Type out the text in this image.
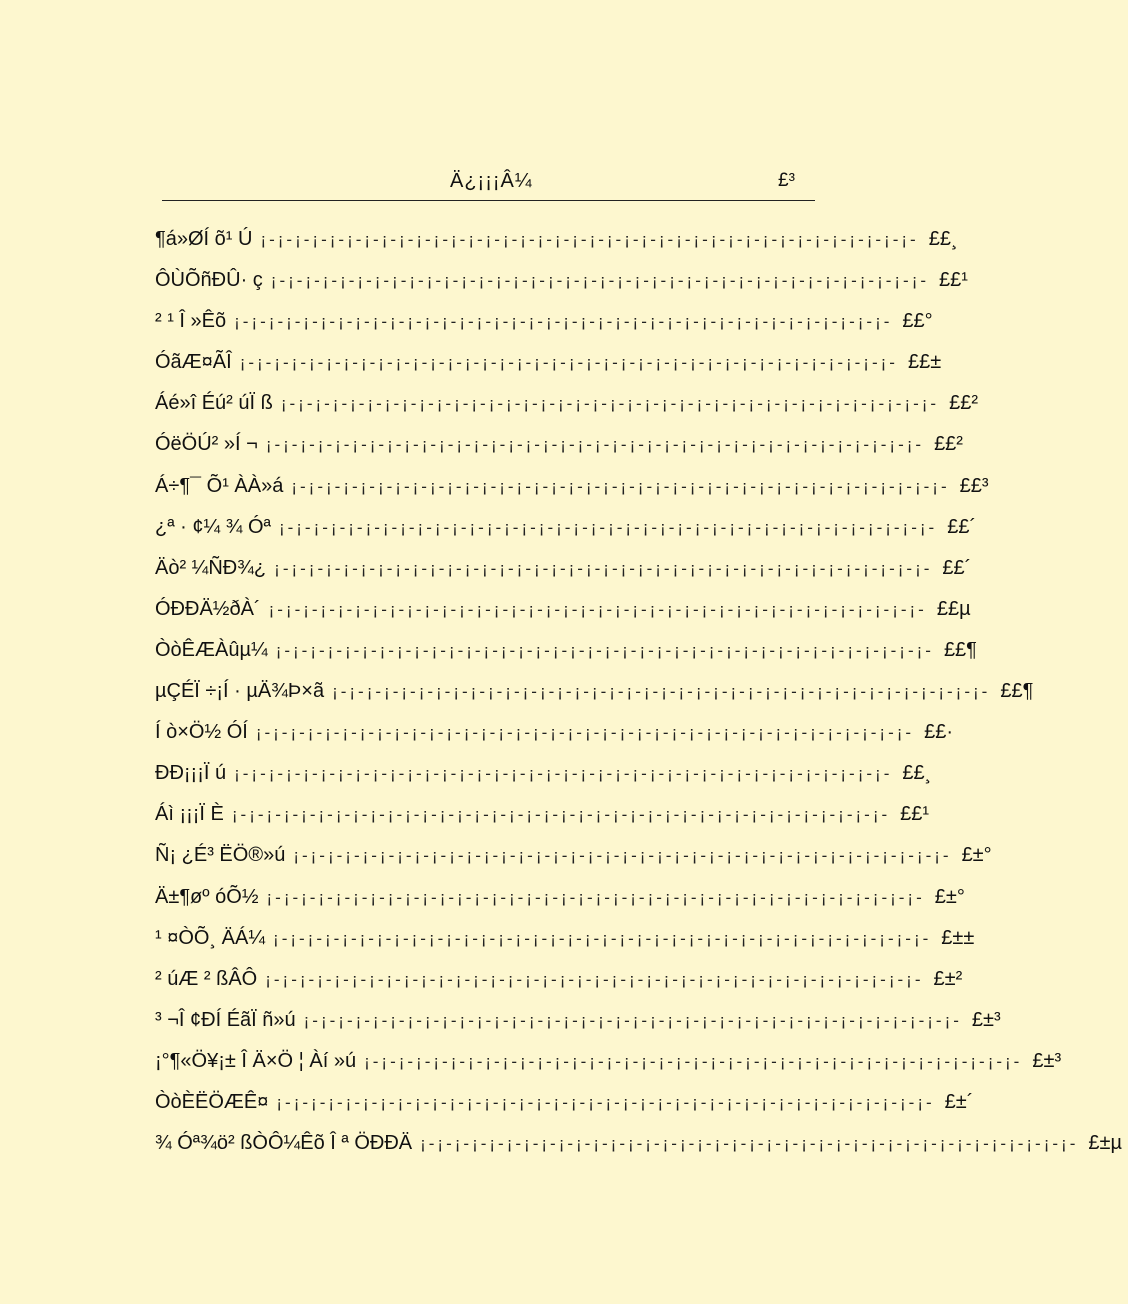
Ä¿¡¡¡Â¼	£³
¶á»ØÍ õ¹ Ú ¡-¡-¡-¡-¡-¡-¡-¡-¡-¡-¡-¡-¡-¡-¡-¡-¡-¡-¡-¡-¡-¡-¡-¡-¡-¡-¡-¡-¡-¡-¡-¡-¡-¡-¡-¡-¡-¡- ££¸
ÔÙÕñÐÛ· ç ¡-¡-¡-¡-¡-¡-¡-¡-¡-¡-¡-¡-¡-¡-¡-¡-¡-¡-¡-¡-¡-¡-¡-¡-¡-¡-¡-¡-¡-¡-¡-¡-¡-¡-¡-¡-¡-¡- ££¹
² ¹ Î »Êõ ¡-¡-¡-¡-¡-¡-¡-¡-¡-¡-¡-¡-¡-¡-¡-¡-¡-¡-¡-¡-¡-¡-¡-¡-¡-¡-¡-¡-¡-¡-¡-¡-¡-¡-¡-¡-¡-¡- ££°
ÓãÆ¤ÃÎ ¡-¡-¡-¡-¡-¡-¡-¡-¡-¡-¡-¡-¡-¡-¡-¡-¡-¡-¡-¡-¡-¡-¡-¡-¡-¡-¡-¡-¡-¡-¡-¡-¡-¡-¡-¡-¡-¡- ££±
Áé»î Éú² úÏ ß ¡-¡-¡-¡-¡-¡-¡-¡-¡-¡-¡-¡-¡-¡-¡-¡-¡-¡-¡-¡-¡-¡-¡-¡-¡-¡-¡-¡-¡-¡-¡-¡-¡-¡-¡-¡-¡-¡- ££²
ÓëÖÚ² »Í ¬ ¡-¡-¡-¡-¡-¡-¡-¡-¡-¡-¡-¡-¡-¡-¡-¡-¡-¡-¡-¡-¡-¡-¡-¡-¡-¡-¡-¡-¡-¡-¡-¡-¡-¡-¡-¡-¡-¡- ££²
Á÷¶¯ Õ¹ ÀÀ»á ¡-¡-¡-¡-¡-¡-¡-¡-¡-¡-¡-¡-¡-¡-¡-¡-¡-¡-¡-¡-¡-¡-¡-¡-¡-¡-¡-¡-¡-¡-¡-¡-¡-¡-¡-¡-¡-¡- ££³
¿ª · ¢¼ ¾ Óª ¡-¡-¡-¡-¡-¡-¡-¡-¡-¡-¡-¡-¡-¡-¡-¡-¡-¡-¡-¡-¡-¡-¡-¡-¡-¡-¡-¡-¡-¡-¡-¡-¡-¡-¡-¡-¡-¡- ££´
Äò² ¼ÑÐ¾¿ ¡-¡-¡-¡-¡-¡-¡-¡-¡-¡-¡-¡-¡-¡-¡-¡-¡-¡-¡-¡-¡-¡-¡-¡-¡-¡-¡-¡-¡-¡-¡-¡-¡-¡-¡-¡-¡-¡- ££´
ÓÐÐÄ½ðÀ´ ¡-¡-¡-¡-¡-¡-¡-¡-¡-¡-¡-¡-¡-¡-¡-¡-¡-¡-¡-¡-¡-¡-¡-¡-¡-¡-¡-¡-¡-¡-¡-¡-¡-¡-¡-¡-¡-¡- ££µ
ÒòÊÆÀûµ¼ ¡-¡-¡-¡-¡-¡-¡-¡-¡-¡-¡-¡-¡-¡-¡-¡-¡-¡-¡-¡-¡-¡-¡-¡-¡-¡-¡-¡-¡-¡-¡-¡-¡-¡-¡-¡-¡-¡- ££¶
µÇÉÏ ÷¡Í · µÄ¾Þ×ã ¡-¡-¡-¡-¡-¡-¡-¡-¡-¡-¡-¡-¡-¡-¡-¡-¡-¡-¡-¡-¡-¡-¡-¡-¡-¡-¡-¡-¡-¡-¡-¡-¡-¡-¡-¡-¡-¡- ££¶
Í ò×Ö½ ÓÍ ¡-¡-¡-¡-¡-¡-¡-¡-¡-¡-¡-¡-¡-¡-¡-¡-¡-¡-¡-¡-¡-¡-¡-¡-¡-¡-¡-¡-¡-¡-¡-¡-¡-¡-¡-¡-¡-¡- ££·
ÐÐ¡¡¡Ï ú ¡-¡-¡-¡-¡-¡-¡-¡-¡-¡-¡-¡-¡-¡-¡-¡-¡-¡-¡-¡-¡-¡-¡-¡-¡-¡-¡-¡-¡-¡-¡-¡-¡-¡-¡-¡-¡-¡- ££¸
Áì ¡¡¡Ï È ¡-¡-¡-¡-¡-¡-¡-¡-¡-¡-¡-¡-¡-¡-¡-¡-¡-¡-¡-¡-¡-¡-¡-¡-¡-¡-¡-¡-¡-¡-¡-¡-¡-¡-¡-¡-¡-¡- ££¹
Ñ¡ ¿É³ ËÖ®»ú ¡-¡-¡-¡-¡-¡-¡-¡-¡-¡-¡-¡-¡-¡-¡-¡-¡-¡-¡-¡-¡-¡-¡-¡-¡-¡-¡-¡-¡-¡-¡-¡-¡-¡-¡-¡-¡-¡- £±°
Ä±¶øº óÕ½ ¡-¡-¡-¡-¡-¡-¡-¡-¡-¡-¡-¡-¡-¡-¡-¡-¡-¡-¡-¡-¡-¡-¡-¡-¡-¡-¡-¡-¡-¡-¡-¡-¡-¡-¡-¡-¡-¡- £±°
¹ ¤ÒÕ¸ ÄÁ¼ ¡-¡-¡-¡-¡-¡-¡-¡-¡-¡-¡-¡-¡-¡-¡-¡-¡-¡-¡-¡-¡-¡-¡-¡-¡-¡-¡-¡-¡-¡-¡-¡-¡-¡-¡-¡-¡-¡- £±±
² úÆ ² ßÂÔ ¡-¡-¡-¡-¡-¡-¡-¡-¡-¡-¡-¡-¡-¡-¡-¡-¡-¡-¡-¡-¡-¡-¡-¡-¡-¡-¡-¡-¡-¡-¡-¡-¡-¡-¡-¡-¡-¡- £±²
³ ¬Î ¢ÐÍ ÉãÏ ñ»ú ¡-¡-¡-¡-¡-¡-¡-¡-¡-¡-¡-¡-¡-¡-¡-¡-¡-¡-¡-¡-¡-¡-¡-¡-¡-¡-¡-¡-¡-¡-¡-¡-¡-¡-¡-¡-¡-¡- £±³
¡°¶«Ö¥¡± Î Ä×Ö ¦ Àí »ú ¡-¡-¡-¡-¡-¡-¡-¡-¡-¡-¡-¡-¡-¡-¡-¡-¡-¡-¡-¡-¡-¡-¡-¡-¡-¡-¡-¡-¡-¡-¡-¡-¡-¡-¡-¡-¡-¡- £±³
ÒòÈËÖÆÊ¤ ¡-¡-¡-¡-¡-¡-¡-¡-¡-¡-¡-¡-¡-¡-¡-¡-¡-¡-¡-¡-¡-¡-¡-¡-¡-¡-¡-¡-¡-¡-¡-¡-¡-¡-¡-¡-¡-¡- £±´
¾ Óª¾ö² ßÒÔ¼Êõ Î ª ÖÐÐÄ ¡-¡-¡-¡-¡-¡-¡-¡-¡-¡-¡-¡-¡-¡-¡-¡-¡-¡-¡-¡-¡-¡-¡-¡-¡-¡-¡-¡-¡-¡-¡-¡-¡-¡-¡-¡-¡-¡- £±µ
